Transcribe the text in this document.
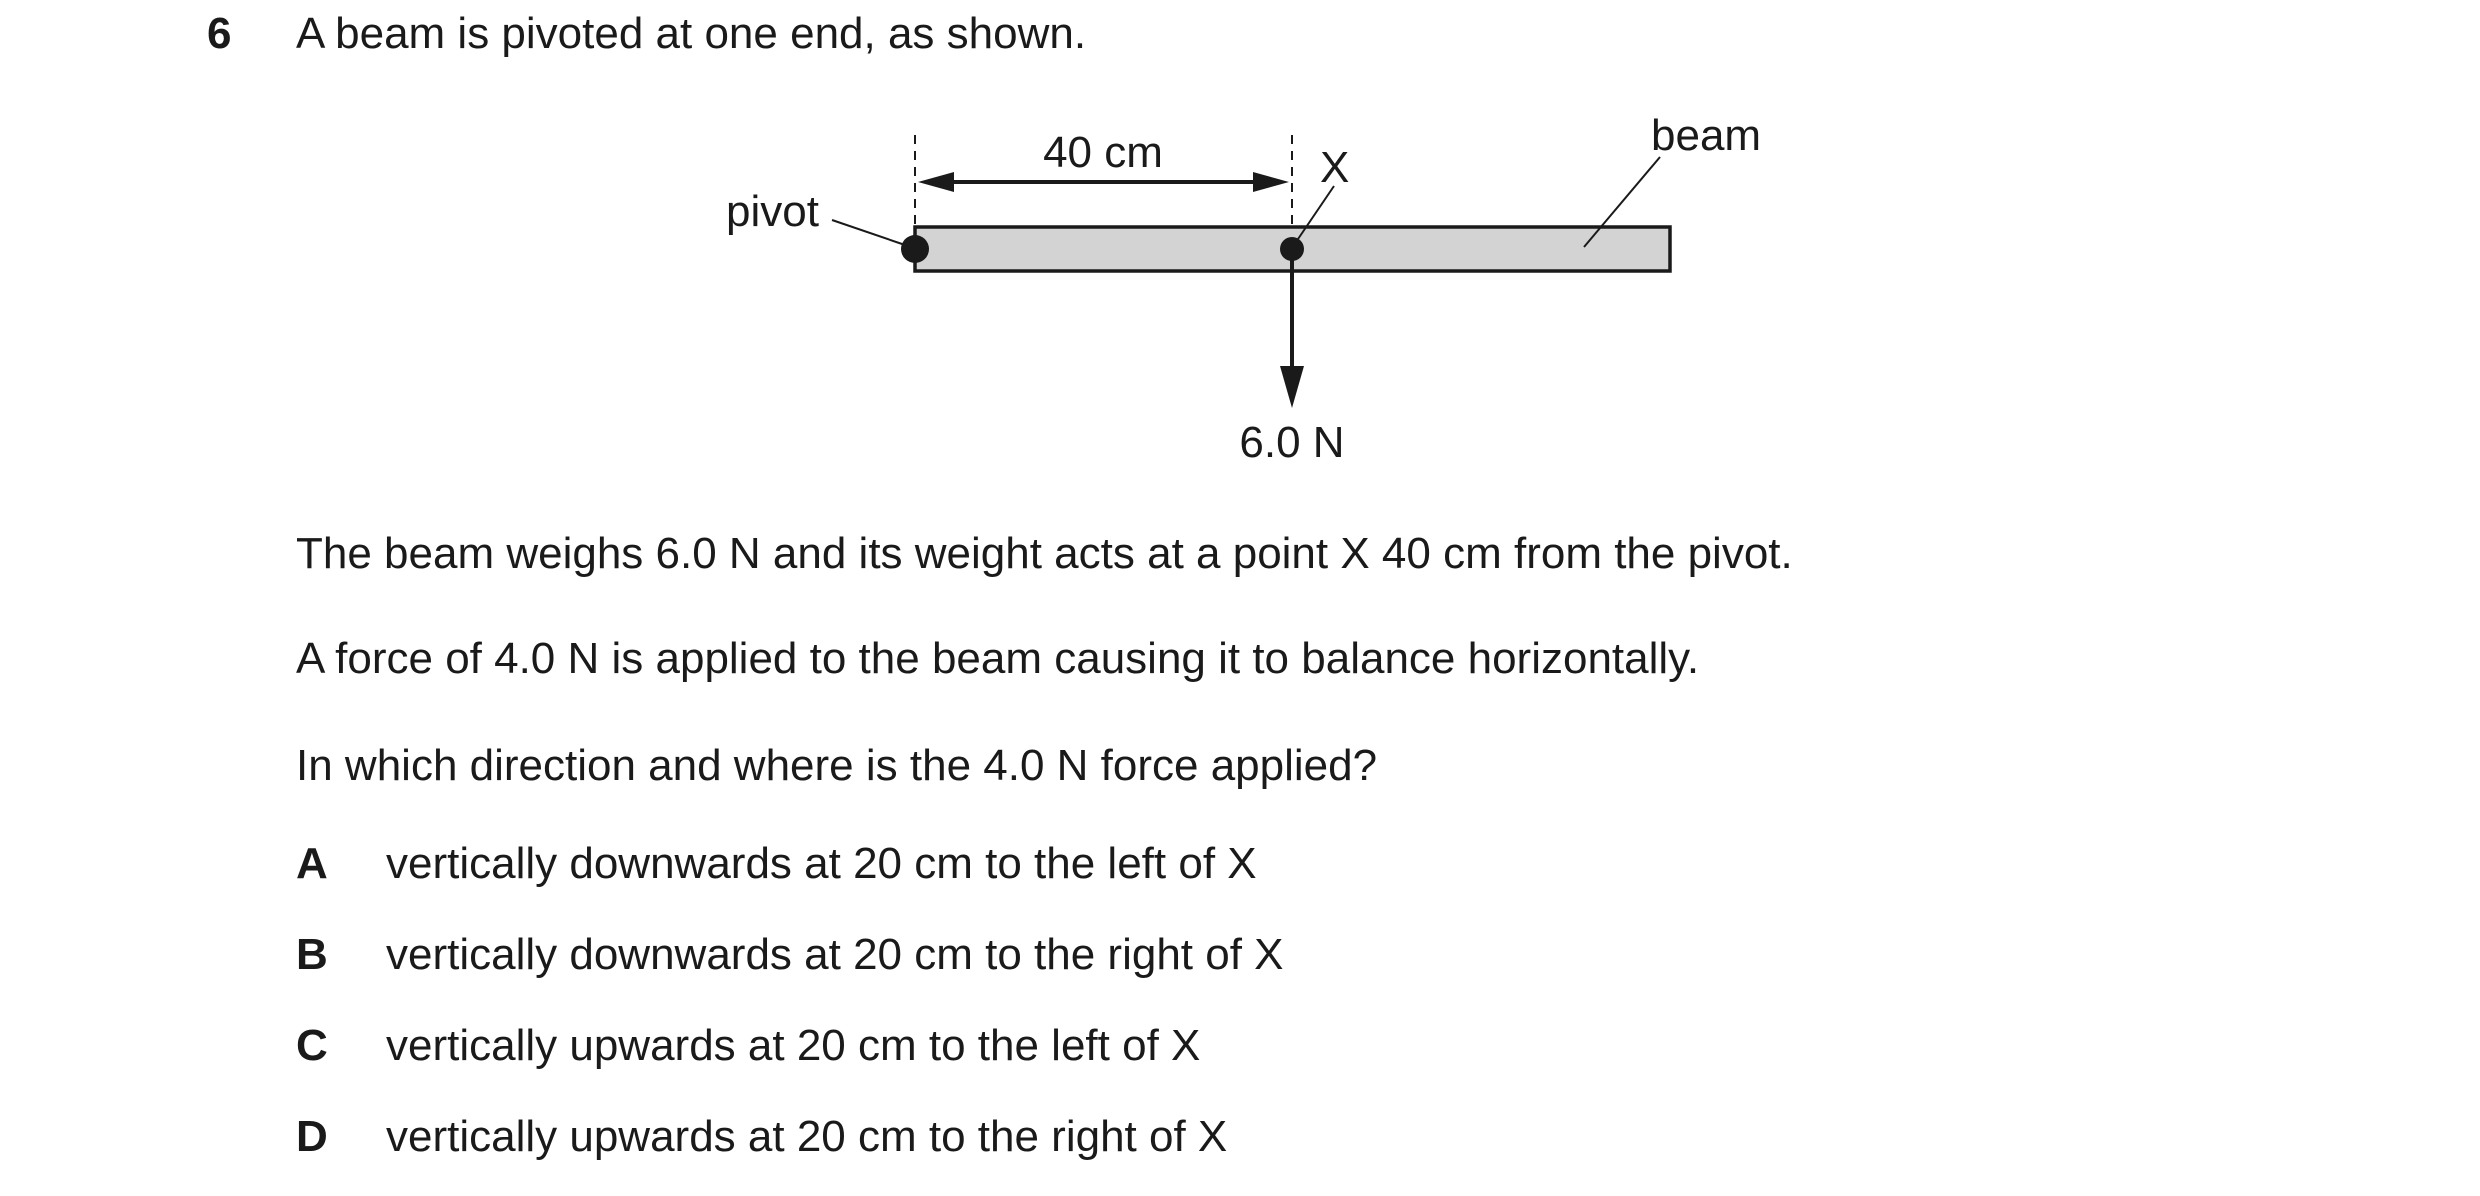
6 A beam is pivoted at one end, as shown.
40 cm
pivot
X
beam
6.0 N
The beam weighs 6.0 N and its weight acts at a point X 40 cm from the pivot.
A force of 4.0 N is applied to the beam causing it to balance horizontally.
In which direction and where is the 4.0 N force applied?
A vertically downwards at 20 cm to the left of X
B vertically downwards at 20 cm to the right of X
C vertically upwards at 20 cm to the left of X
D vertically upwards at 20 cm to the right of X
